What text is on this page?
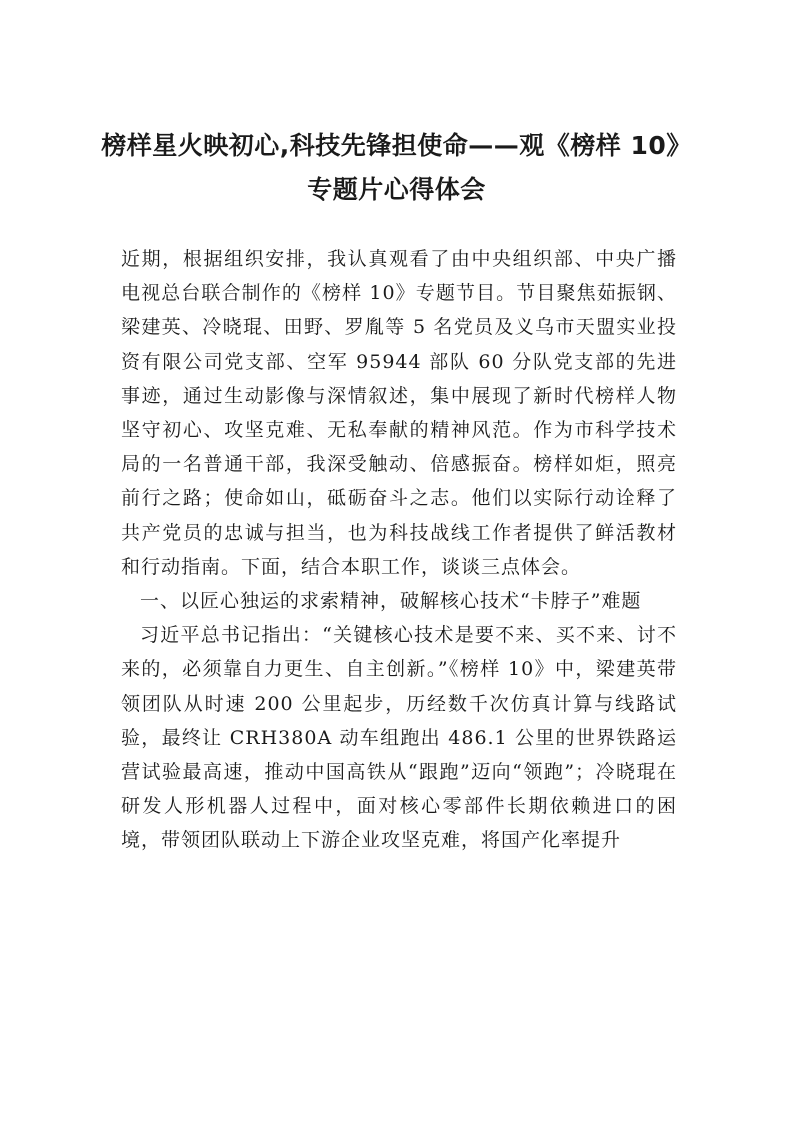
榜样星火映初心,科技先锋担使命——观《榜样 10》专题片心得体会

近期，根据组织安排，我认真观看了由中央组织部、中央广播电视总台联合制作的《榜样 10》专题节目。节目聚焦茹振钢、梁建英、冷晓琨、田野、罗胤等 5 名党员及义乌市天盟实业投资有限公司党支部、空军 95944 部队 60 分队党支部的先进事迹，通过生动影像与深情叙述，集中展现了新时代榜样人物坚守初心、攻坚克难、无私奉献的精神风范。作为市科学技术局的一名普通干部，我深受触动、倍感振奋。榜样如炬，照亮前行之路；使命如山，砥砺奋斗之志。他们以实际行动诠释了共产党员的忠诚与担当，也为科技战线工作者提供了鲜活教材和行动指南。下面，结合本职工作，谈谈三点体会。

一、以匠心独运的求索精神，破解核心技术“卡脖子”难题

习近平总书记指出：“关键核心技术是要不来、买不来、讨不来的，必须靠自力更生、自主创新。”《榜样 10》中，梁建英带领团队从时速 200 公里起步，历经数千次仿真计算与线路试验，最终让 CRH380A 动车组跑出 486.1 公里的世界铁路运营试验最高速，推动中国高铁从“跟跑”迈向“领跑”；冷晓琨在研发人形机器人过程中，面对核心零部件长期依赖进口的困境，带领团队联动上下游企业攻坚克难，将国产化率提升
